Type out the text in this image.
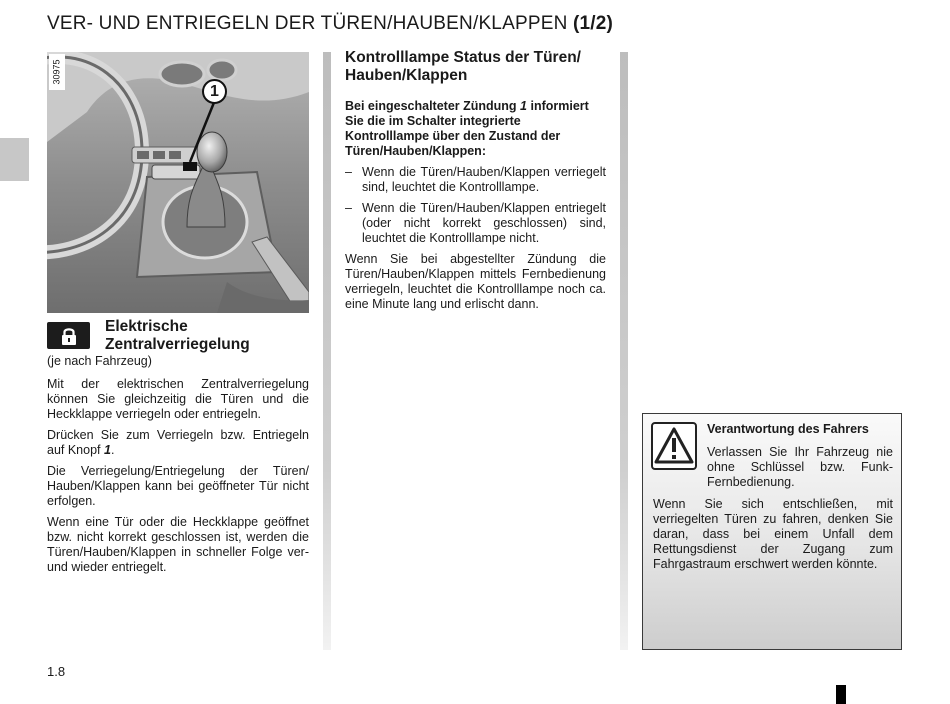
VER- UND ENTRIEGELN DER TÜREN/HAUBEN/KLAPPEN (1/2)
30975
1
Elektrische Zentralverriegelung
(je nach Fahrzeug)

Mit der elektrischen Zentralverriegelung können Sie gleichzeitig die Türen und die Heckklappe verriegeln oder entriegeln.

Drücken Sie zum Verriegeln bzw. Entriegeln auf Knopf 1.

Die Verriegelung/Entriegelung der Türen/ Hauben/Klappen kann bei geöffneter Tür nicht erfolgen.

Wenn eine Tür oder die Heckklappe geöffnet bzw. nicht korrekt geschlossen ist, werden die Türen/Hauben/Klappen in schneller Folge ver- und wieder entriegelt.

Kontrolllampe Status der Türen/ Hauben/Klappen

Bei eingeschalteter Zündung 1 informiert Sie die im Schalter integrierte Kontrolllampe über den Zustand der Türen/Hauben/Klappen:

– Wenn die Türen/Hauben/Klappen verriegelt sind, leuchtet die Kontrolllampe.
– Wenn die Türen/Hauben/Klappen entriegelt (oder nicht korrekt geschlossen) sind, leuchtet die Kontrolllampe nicht.

Wenn Sie bei abgestellter Zündung die Türen/Hauben/Klappen mittels Fernbedienung verriegeln, leuchtet die Kontrolllampe noch ca. eine Minute lang und erlischt dann.

Verantwortung des Fahrers
Verlassen Sie Ihr Fahrzeug nie ohne Schlüssel bzw. Funk-Fernbedienung.
Wenn Sie sich entschließen, mit verriegelten Türen zu fahren, denken Sie daran, dass bei einem Unfall dem Rettungsdienst der Zugang zum Fahrgastraum erschwert werden könnte.
1.8
